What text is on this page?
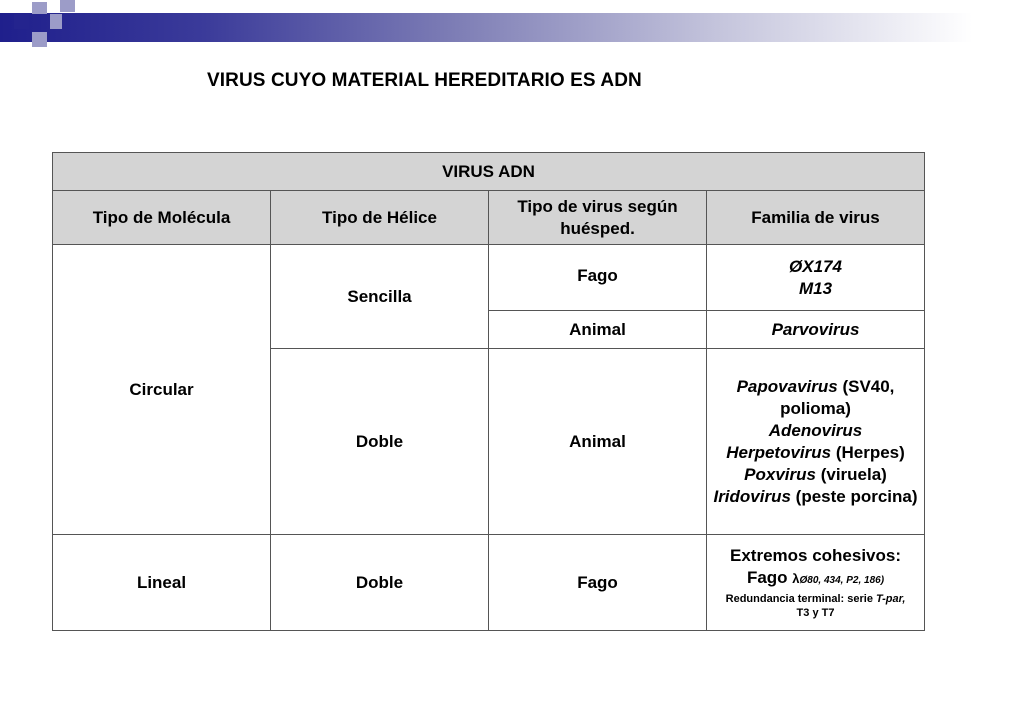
VIRUS CUYO MATERIAL HEREDITARIO ES ADN
VIRUS ADN			
Tipo de Molécula	Tipo de Hélice	Tipo de virus según huésped.	Familia de virus
Circular	Sencilla	Fago	ØX174
M13
		Animal	Parvovirus
	Doble	Animal	Papovavirus (SV40, polioma)
Adenovirus
Herpetovirus (Herpes)
Poxvirus (viruela)
Iridovirus (peste porcina)
Lineal	Doble	Fago	Extremos cohesivos:
Fago λØ80, 434, P2, 186)
Redundancia terminal: serie T-par,
T3 y T7
